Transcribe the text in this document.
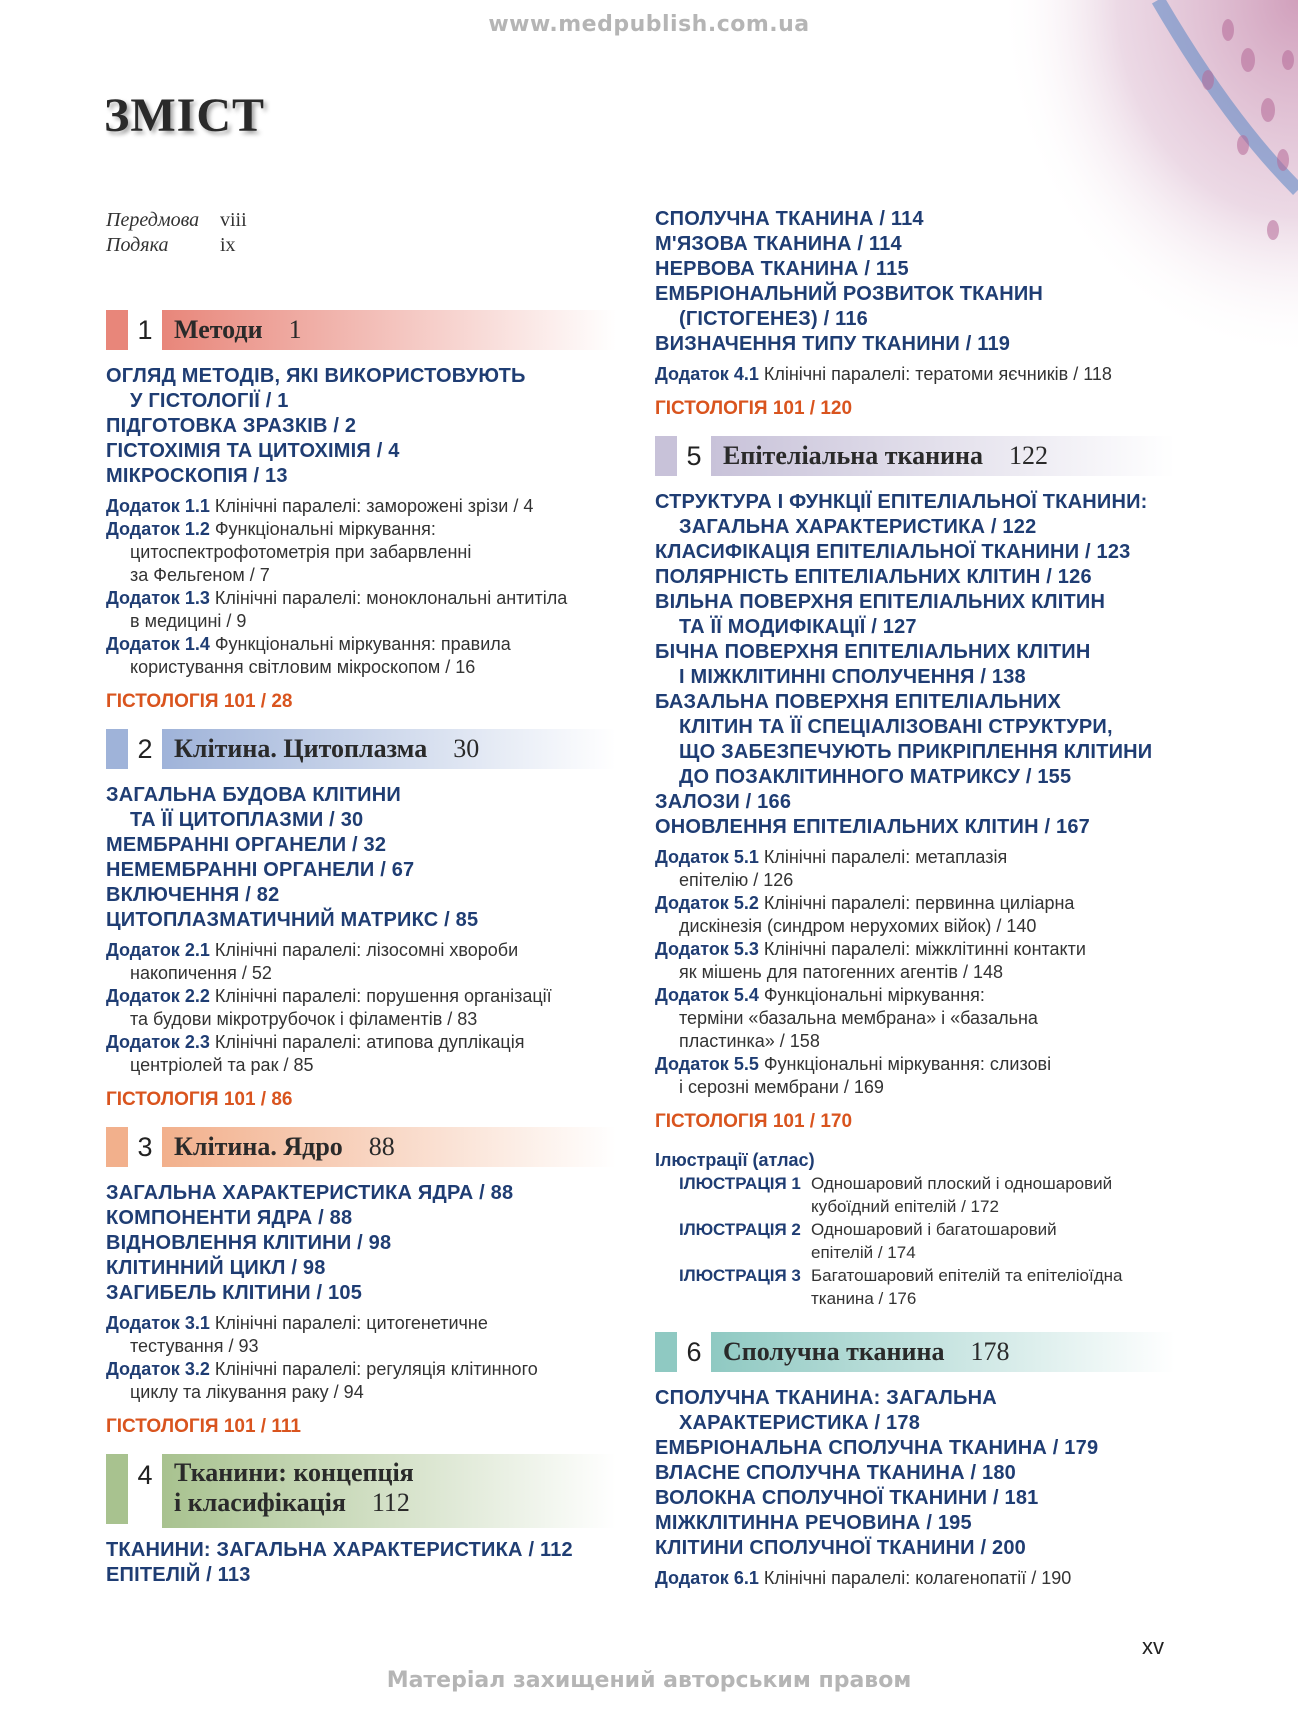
www.medpublish.com.ua
ЗМІСТ
Передмова viii
Подяка	ix
1 Методи 1
ОГЛЯД МЕТОДІВ, ЯКІ ВИКОРИСТОВУЮТЬ
У ГІСТОЛОГІЇ / 1
ПІДГОТОВКА ЗРАЗКІВ / 2
ГІСТОХІМІЯ ТА ЦИТОХІМІЯ / 4
МІКРОСКОПІЯ / 13
Додаток 1.1 Клінічні паралелі: заморожені зрізи / 4
Додаток 1.2 Функціональні міркування:
цитоспектрофотометрія при забарвленні
за Фельгеном / 7
Додаток 1.3 Клінічні паралелі: моноклональні антитіла
в медицині / 9
Додаток 1.4 Функціональні міркування: правила
користування світловим мікроскопом / 16
ГІСТОЛОГІЯ 101 / 28
2 Клітина. Цитоплазма 30
ЗАГАЛЬНА БУДОВА КЛІТИНИ
ТА ЇЇ ЦИТОПЛАЗМИ / 30
МЕМБРАННІ ОРГАНЕЛИ / 32
НЕМЕМБРАННІ ОРГАНЕЛИ / 67
ВКЛЮЧЕННЯ / 82
ЦИТОПЛАЗМАТИЧНИЙ МАТРИКС / 85
Додаток 2.1 Клінічні паралелі: лізосомні хвороби
накопичення / 52
Додаток 2.2 Клінічні паралелі: порушення організації
та будови мікротрубочок і філаментів / 83
Додаток 2.3 Клінічні паралелі: атипова дуплікація
центріолей та рак / 85
ГІСТОЛОГІЯ 101 / 86
3 Клітина. Ядро 88
ЗАГАЛЬНА ХАРАКТЕРИСТИКА ЯДРА / 88
КОМПОНЕНТИ ЯДРА / 88
ВІДНОВЛЕННЯ КЛІТИНИ / 98
КЛІТИННИЙ ЦИКЛ / 98
ЗАГИБЕЛЬ КЛІТИНИ / 105
Додаток 3.1 Клінічні паралелі: цитогенетичне
тестування / 93
Додаток 3.2 Клінічні паралелі: регуляція клітинного
циклу та лікування раку / 94
ГІСТОЛОГІЯ 101 / 111
4 Тканини: концепція
і класифікація 112
ТКАНИНИ: ЗАГАЛЬНА ХАРАКТЕРИСТИКА / 112
ЕПІТЕЛІЙ / 113
СПОЛУЧНА ТКАНИНА / 114
М'ЯЗОВА ТКАНИНА / 114
НЕРВОВА ТКАНИНА / 115
ЕМБРІОНАЛЬНИЙ РОЗВИТОК ТКАНИН
(ГІСТОГЕНЕЗ) / 116
ВИЗНАЧЕННЯ ТИПУ ТКАНИНИ / 119
Додаток 4.1 Клінічні паралелі: тератоми яєчників / 118
ГІСТОЛОГІЯ 101 / 120
5 Епітеліальна тканина 122
СТРУКТУРА І ФУНКЦІЇ ЕПІТЕЛІАЛЬНОЇ ТКАНИНИ:
ЗАГАЛЬНА ХАРАКТЕРИСТИКА / 122
КЛАСИФІКАЦІЯ ЕПІТЕЛІАЛЬНОЇ ТКАНИНИ / 123
ПОЛЯРНІСТЬ ЕПІТЕЛІАЛЬНИХ КЛІТИН / 126
ВІЛЬНА ПОВЕРХНЯ ЕПІТЕЛІАЛЬНИХ КЛІТИН
ТА ЇЇ МОДИФІКАЦІЇ / 127
БІЧНА ПОВЕРХНЯ ЕПІТЕЛІАЛЬНИХ КЛІТИН
І МІЖКЛІТИННІ СПОЛУЧЕННЯ / 138
БАЗАЛЬНА ПОВЕРХНЯ ЕПІТЕЛІАЛЬНИХ
КЛІТИН ТА ЇЇ СПЕЦІАЛІЗОВАНІ СТРУКТУРИ,
ЩО ЗАБЕЗПЕЧУЮТЬ ПРИКРІПЛЕННЯ КЛІТИНИ
ДО ПОЗАКЛІТИННОГО МАТРИКСУ / 155
ЗАЛОЗИ / 166
ОНОВЛЕННЯ ЕПІТЕЛІАЛЬНИХ КЛІТИН / 167
Додаток 5.1 Клінічні паралелі: метаплазія
епітелію / 126
Додаток 5.2 Клінічні паралелі: первинна циліарна
дискінезія (синдром нерухомих війок) / 140
Додаток 5.3 Клінічні паралелі: міжклітинні контакти
як мішень для патогенних агентів / 148
Додаток 5.4 Функціональні міркування:
терміни «базальна мембрана» і «базальна
пластинка» / 158
Додаток 5.5 Функціональні міркування: слизові
і серозні мембрани / 169
ГІСТОЛОГІЯ 101 / 170
Ілюстрації (атлас)
ІЛЮСТРАЦІЯ 1 Одношаровий плоский і одношаровий
кубоїдний епітелій / 172
ІЛЮСТРАЦІЯ 2 Одношаровий і багатошаровий
епітелій / 174
ІЛЮСТРАЦІЯ 3 Багатошаровий епітелій та епітеліоїдна
тканина / 176
6 Сполучна тканина 178
СПОЛУЧНА ТКАНИНА: ЗАГАЛЬНА
ХАРАКТЕРИСТИКА / 178
ЕМБРІОНАЛЬНА СПОЛУЧНА ТКАНИНА / 179
ВЛАСНЕ СПОЛУЧНА ТКАНИНА / 180
ВОЛОКНА СПОЛУЧНОЇ ТКАНИНИ / 181
МІЖКЛІТИННА РЕЧОВИНА / 195
КЛІТИНИ СПОЛУЧНОЇ ТКАНИНИ / 200
Додаток 6.1 Клінічні паралелі: колагенопатії / 190
xv
Матеріал захищений авторським правом
